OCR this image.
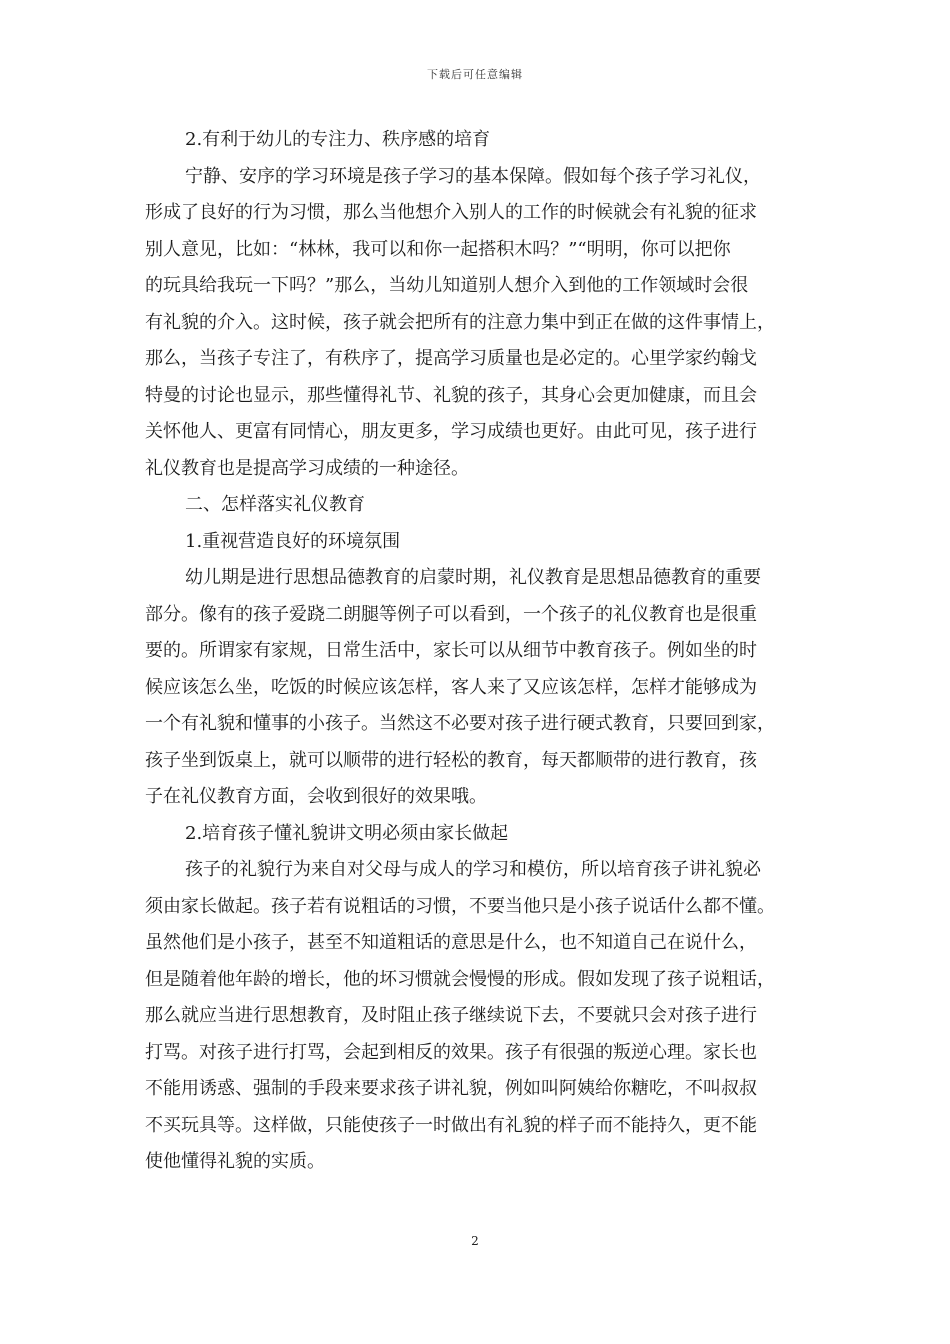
下载后可任意编辑
2.有利于幼儿的专注力、秩序感的培育
宁静、安序的学习环境是孩子学习的基本保障。假如每个孩子学习礼仪，
形成了良好的行为习惯，那么当他想介入别人的工作的时候就会有礼貌的征求
别人意见，比如：“林林，我可以和你一起搭积木吗？”“明明，你可以把你
的玩具给我玩一下吗？”那么，当幼儿知道别人想介入到他的工作领域时会很
有礼貌的介入。这时候，孩子就会把所有的注意力集中到正在做的这件事情上，
那么，当孩子专注了，有秩序了，提高学习质量也是必定的。心里学家约翰戈
特曼的讨论也显示，那些懂得礼节、礼貌的孩子，其身心会更加健康，而且会
关怀他人、更富有同情心，朋友更多，学习成绩也更好。由此可见，孩子进行
礼仪教育也是提高学习成绩的一种途径。
二、怎样落实礼仪教育
1.重视营造良好的环境氛围
幼儿期是进行思想品德教育的启蒙时期，礼仪教育是思想品德教育的重要
部分。像有的孩子爱跷二朗腿等例子可以看到，一个孩子的礼仪教育也是很重
要的。所谓家有家规，日常生活中，家长可以从细节中教育孩子。例如坐的时
候应该怎么坐，吃饭的时候应该怎样，客人来了又应该怎样，怎样才能够成为
一个有礼貌和懂事的小孩子。当然这不必要对孩子进行硬式教育，只要回到家，
孩子坐到饭桌上，就可以顺带的进行轻松的教育，每天都顺带的进行教育，孩
子在礼仪教育方面，会收到很好的效果哦。
2.培育孩子懂礼貌讲文明必须由家长做起
孩子的礼貌行为来自对父母与成人的学习和模仿，所以培育孩子讲礼貌必
须由家长做起。孩子若有说粗话的习惯，不要当他只是小孩子说话什么都不懂。
虽然他们是小孩子，甚至不知道粗话的意思是什么，也不知道自己在说什么，
但是随着他年龄的增长，他的坏习惯就会慢慢的形成。假如发现了孩子说粗话，
那么就应当进行思想教育，及时阻止孩子继续说下去，不要就只会对孩子进行
打骂。对孩子进行打骂，会起到相反的效果。孩子有很强的叛逆心理。家长也
不能用诱惑、强制的手段来要求孩子讲礼貌，例如叫阿姨给你糖吃，不叫叔叔
不买玩具等。这样做，只能使孩子一时做出有礼貌的样子而不能持久，更不能
使他懂得礼貌的实质。
2
